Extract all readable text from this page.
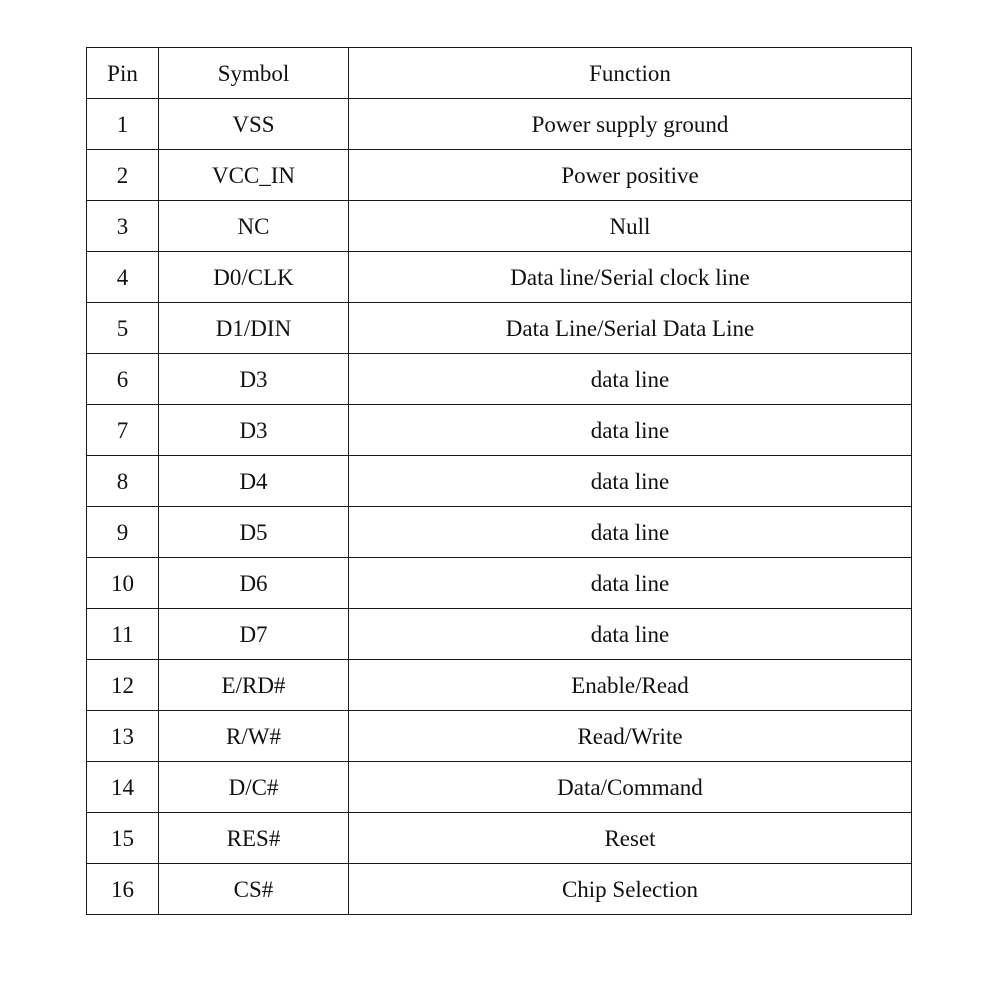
Pin	Symbol	Function
1	VSS	Power supply ground
2	VCC_IN	Power positive
3	NC	Null
4	D0/CLK	Data line/Serial clock line
5	D1/DIN	Data Line/Serial Data Line
6	D3	data line
7	D3	data line
8	D4	data line
9	D5	data line
10	D6	data line
11	D7	data line
12	E/RD#	Enable/Read
13	R/W#	Read/Write
14	D/C#	Data/Command
15	RES#	Reset
16	CS#	Chip Selection
